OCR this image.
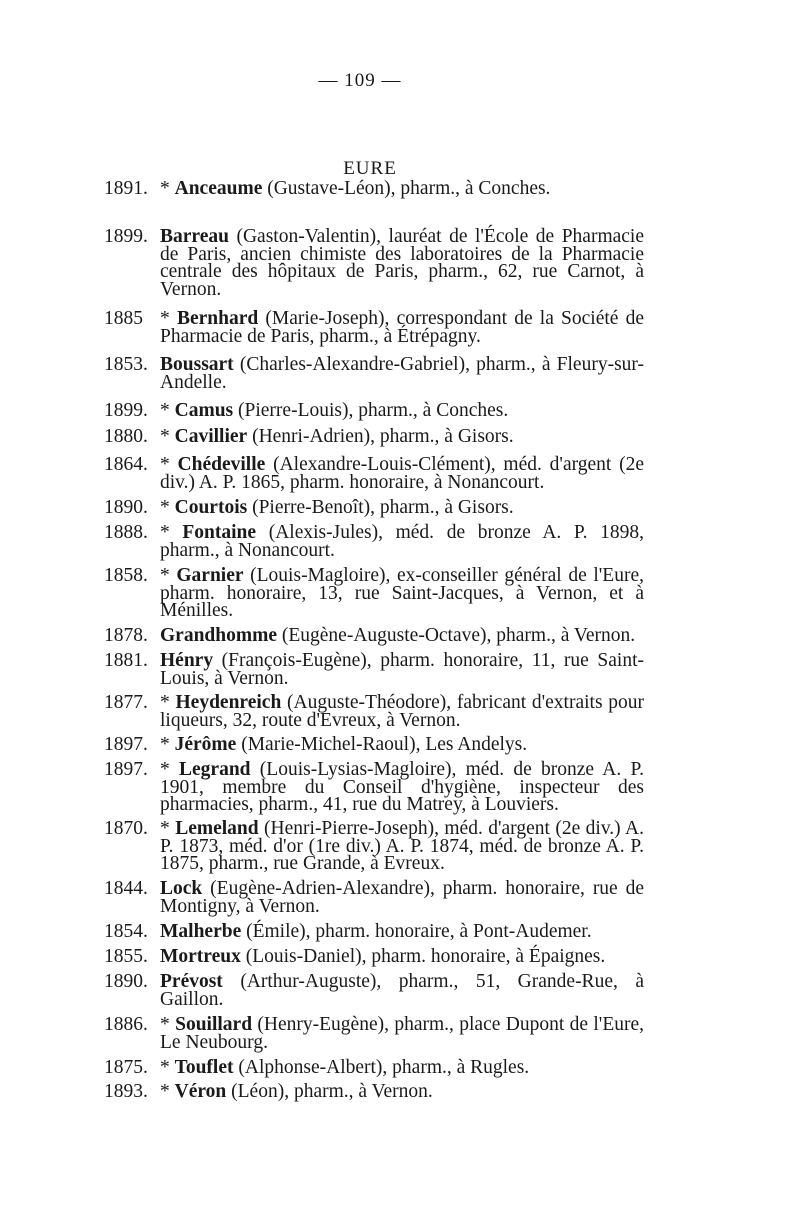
— 109 —
EURE
1891. * Anceaume (Gustave-Léon), pharm., à Conches.
1899. Barreau (Gaston-Valentin), lauréat de l'École de Pharmacie de Paris, ancien chimiste des laboratoires de la Pharmacie centrale des hôpitaux de Paris, pharm., 62, rue Carnot, à Vernon.
1885 * Bernhard (Marie-Joseph), correspondant de la Société de Pharmacie de Paris, pharm., à Étrépagny.
1853. Boussart (Charles-Alexandre-Gabriel), pharm., à Fleury-sur-Andelle.
1899. * Camus (Pierre-Louis), pharm., à Conches.
1880. * Cavillier (Henri-Adrien), pharm., à Gisors.
1864. * Chédeville (Alexandre-Louis-Clément), méd. d'argent (2e div.) A. P. 1865, pharm. honoraire, à Nonancourt.
1890. * Courtois (Pierre-Benoît), pharm., à Gisors.
1888. * Fontaine (Alexis-Jules), méd. de bronze A. P. 1898, pharm., à Nonancourt.
1858. * Garnier (Louis-Magloire), ex-conseiller général de l'Eure, pharm. honoraire, 13, rue Saint-Jacques, à Vernon, et à Ménilles.
1878. Grandhomme (Eugène-Auguste-Octave), pharm., à Vernon.
1881. Hénry (François-Eugène), pharm. honoraire, 11, rue Saint-Louis, à Vernon.
1877. * Heydenreich (Auguste-Théodore), fabricant d'extraits pour liqueurs, 32, route d'Evreux, à Vernon.
1897. * Jérôme (Marie-Michel-Raoul), Les Andelys.
1897. * Legrand (Louis-Lysias-Magloire), méd. de bronze A. P. 1901, membre du Conseil d'hygiène, inspecteur des pharmacies, pharm., 41, rue du Matrey, à Louviers.
1870. * Lemeland (Henri-Pierre-Joseph), méd. d'argent (2e div.) A. P. 1873, méd. d'or (1re div.) A. P. 1874, méd. de bronze A. P. 1875, pharm., rue Grande, à Evreux.
1844. Lock (Eugène-Adrien-Alexandre), pharm. honoraire, rue de Montigny, à Vernon.
1854. Malherbe (Émile), pharm. honoraire, à Pont-Audemer.
1855. Mortreux (Louis-Daniel), pharm. honoraire, à Épaignes.
1890. Prévost (Arthur-Auguste), pharm., 51, Grande-Rue, à Gaillon.
1886. * Souillard (Henry-Eugène), pharm., place Dupont de l'Eure, Le Neubourg.
1875. * Touflet (Alphonse-Albert), pharm., à Rugles.
1893. * Véron (Léon), pharm., à Vernon.
